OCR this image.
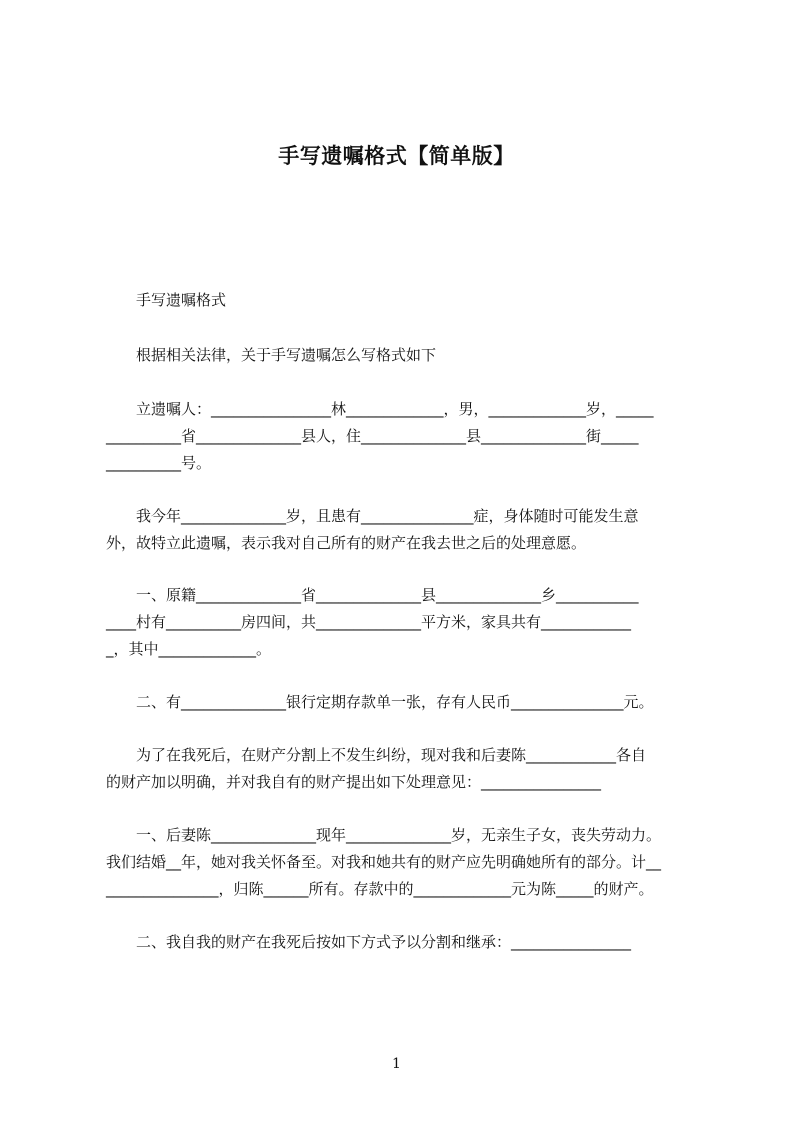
手写遗嘱格式【简单版】

手写遗嘱格式

根据相关法律，关于手写遗嘱怎么写格式如下

立遗嘱人：________________林_____________，男，_____________岁，_____

__________省______________县人，住______________县______________街_____

__________号。

我今年______________岁，且患有_______________症，身体随时可能发生意

外，故特立此遗嘱，表示我对自己所有的财产在我去世之后的处理意愿。

一、原籍______________省______________县______________乡___________

____村有__________房四间，共______________平方米，家具共有____________

_，其中_____________。

二、有______________银行定期存款单一张，存有人民币_______________元。

为了在我死后，在财产分割上不发生纠纷，现对我和后妻陈____________各自

的财产加以明确，并对我自有的财产提出如下处理意见：________________

一、后妻陈______________现年______________岁，无亲生子女，丧失劳动力。

我们结婚__年，她对我关怀备至。对我和她共有的财产应先明确她所有的部分。计__

_______________，归陈______所有。存款中的_____________元为陈_____的财产。

二、我自我的财产在我死后按如下方式予以分割和继承：________________

1
